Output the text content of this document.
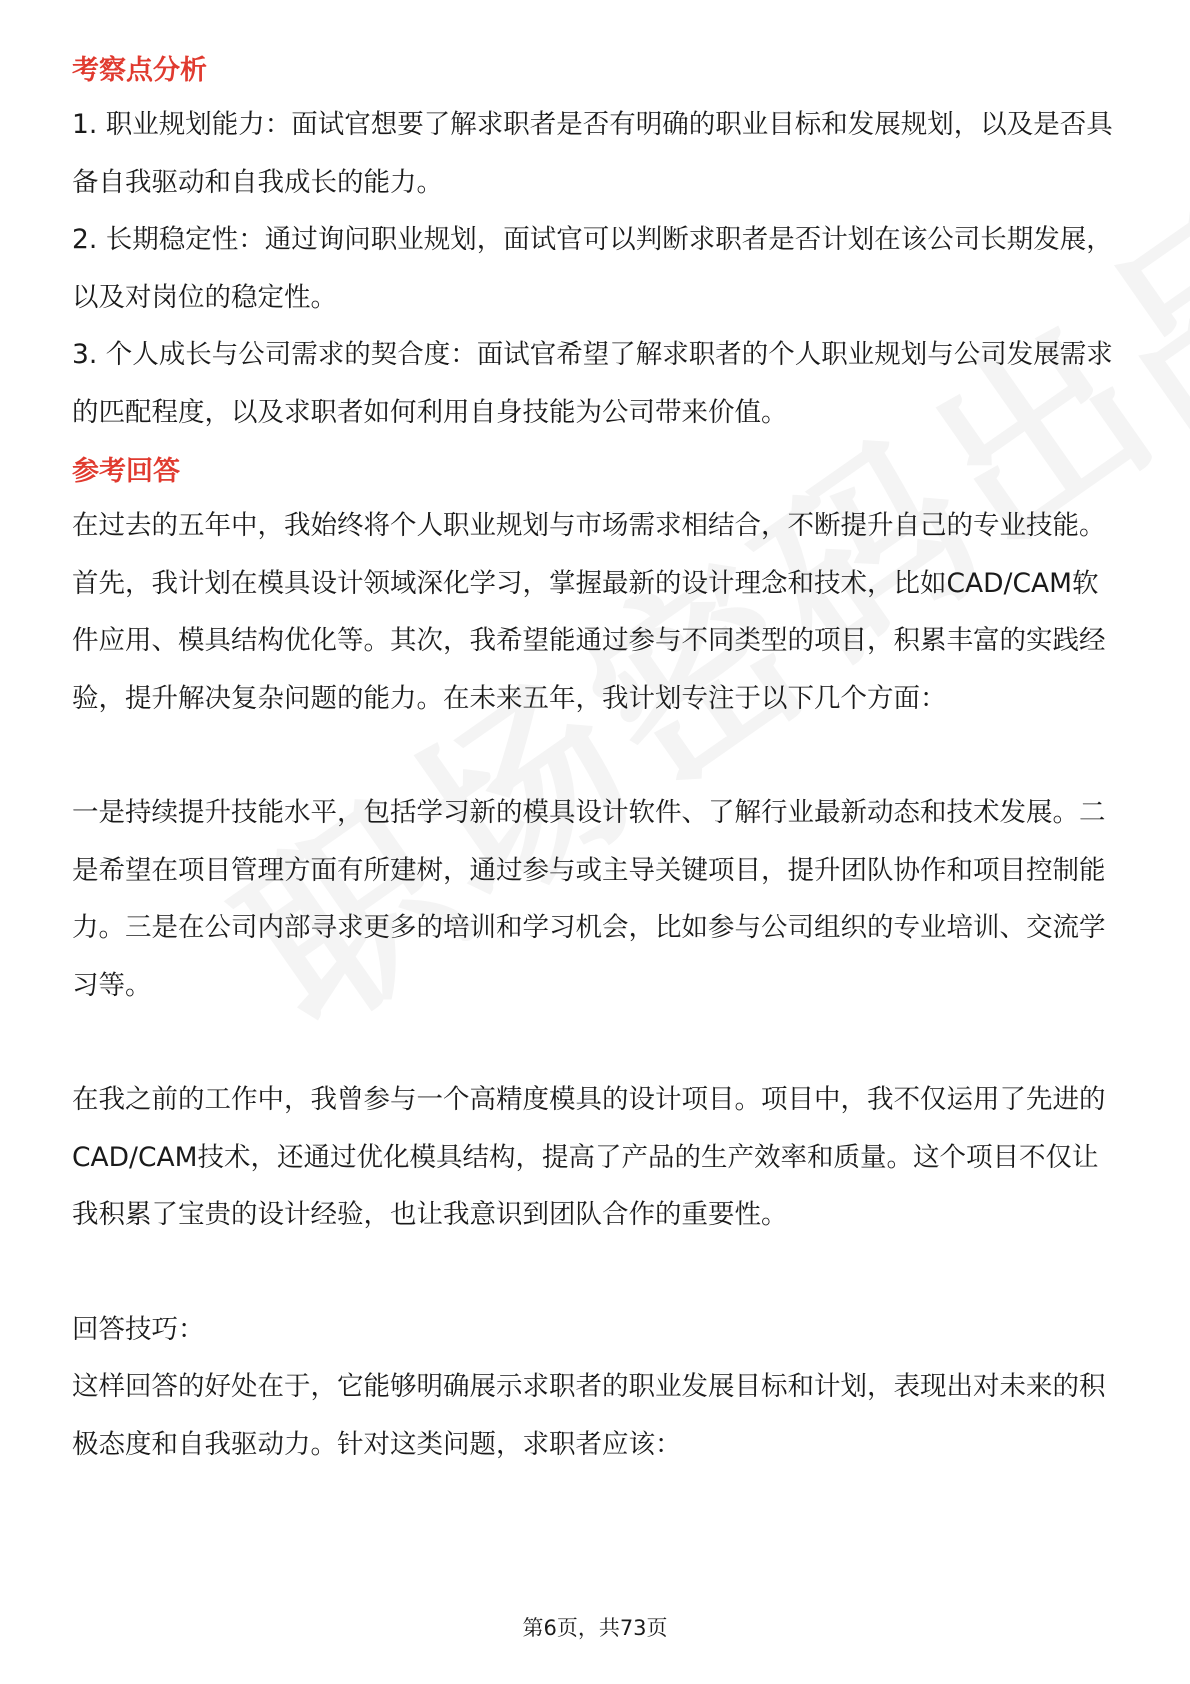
考察点分析

1. 职业规划能力：面试官想要了解求职者是否有明确的职业目标和发展规划，以及是否具备自我驱动和自我成长的能力。

2. 长期稳定性：通过询问职业规划，面试官可以判断求职者是否计划在该公司长期发展，以及对岗位的稳定性。

3. 个人成长与公司需求的契合度：面试官希望了解求职者的个人职业规划与公司发展需求的匹配程度，以及求职者如何利用自身技能为公司带来价值。

参考回答

在过去的五年中，我始终将个人职业规划与市场需求相结合，不断提升自己的专业技能。首先，我计划在模具设计领域深化学习，掌握最新的设计理念和技术，比如CAD/CAM软件应用、模具结构优化等。其次，我希望能通过参与不同类型的项目，积累丰富的实践经验，提升解决复杂问题的能力。在未来五年，我计划专注于以下几个方面：

一是持续提升技能水平，包括学习新的模具设计软件、了解行业最新动态和技术发展。二是希望在项目管理方面有所建树，通过参与或主导关键项目，提升团队协作和项目控制能力。三是在公司内部寻求更多的培训和学习机会，比如参与公司组织的专业培训、交流学习等。

在我之前的工作中，我曾参与一个高精度模具的设计项目。项目中，我不仅运用了先进的CAD/CAM技术，还通过优化模具结构，提高了产品的生产效率和质量。这个项目不仅让我积累了宝贵的设计经验，也让我意识到团队合作的重要性。

回答技巧：

这样回答的好处在于，它能够明确展示求职者的职业发展目标和计划，表现出对未来的积极态度和自我驱动力。针对这类问题，求职者应该：

第6页，共73页
